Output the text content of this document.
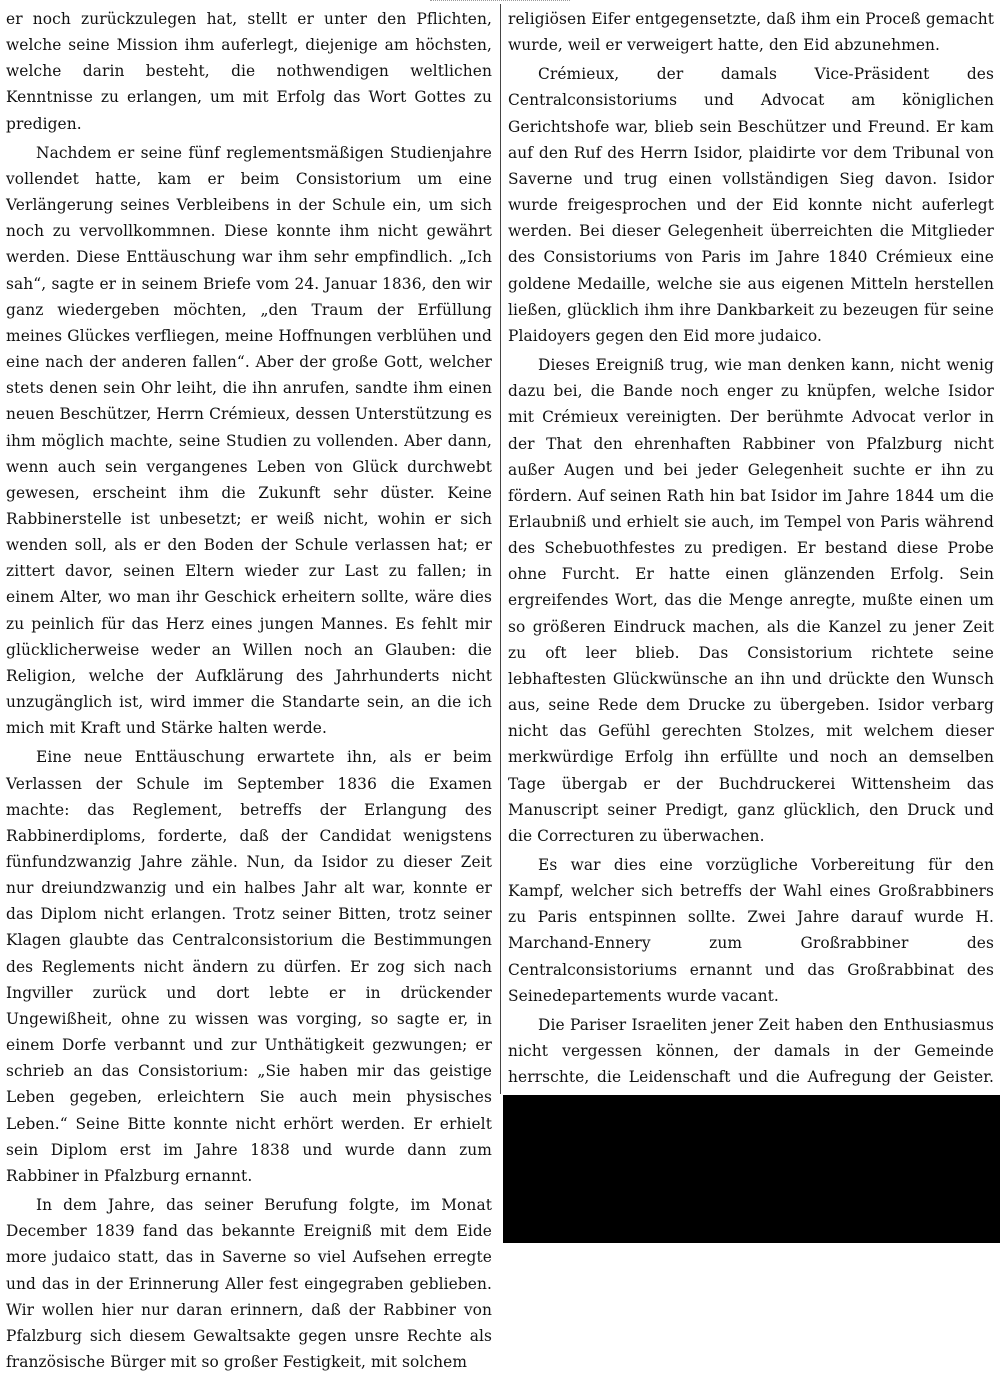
er noch zurückzulegen hat, stellt er unter den Pflichten, welche seine Mission ihm auferlegt, diejenige am höchsten, welche darin besteht, die nothwendigen weltlichen Kenntnisse zu erlangen, um mit Erfolg das Wort Gottes zu predigen.

Nachdem er seine fünf reglementsmäßigen Studienjahre vollendet hatte, kam er beim Consistorium um eine Verlängerung seines Verbleibens in der Schule ein, um sich noch zu vervollkommnen. Diese konnte ihm nicht gewährt werden. Diese Enttäuschung war ihm sehr empfindlich. „Ich sah“, sagte er in seinem Briefe vom 24. Januar 1836, den wir ganz wiedergeben möchten, „den Traum der Erfüllung meines Glückes verfliegen, meine Hoffnungen verblühen und eine nach der anderen fallen“. Aber der große Gott, welcher stets denen sein Ohr leiht, die ihn anrufen, sandte ihm einen neuen Beschützer, Herrn Crémieux, dessen Unterstützung es ihm möglich machte, seine Studien zu vollenden. Aber dann, wenn auch sein vergangenes Leben von Glück durchwebt gewesen, erscheint ihm die Zukunft sehr düster. Keine Rabbinerstelle ist unbesetzt; er weiß nicht, wohin er sich wenden soll, als er den Boden der Schule verlassen hat; er zittert davor, seinen Eltern wieder zur Last zu fallen; in einem Alter, wo man ihr Geschick erheitern sollte, wäre dies zu peinlich für das Herz eines jungen Mannes. Es fehlt mir glücklicherweise weder an Willen noch an Glauben: die Religion, welche der Aufklärung des Jahrhunderts nicht unzugänglich ist, wird immer die Standarte sein, an die ich mich mit Kraft und Stärke halten werde.

Eine neue Enttäuschung erwartete ihn, als er beim Verlassen der Schule im September 1836 die Examen machte: das Reglement, betreffs der Erlangung des Rabbinerdiploms, forderte, daß der Candidat wenigstens fünfundzwanzig Jahre zähle. Nun, da Isidor zu dieser Zeit nur dreiundzwanzig und ein halbes Jahr alt war, konnte er das Diplom nicht erlangen. Trotz seiner Bitten, trotz seiner Klagen glaubte das Centralconsistorium die Bestimmungen des Reglements nicht ändern zu dürfen. Er zog sich nach Ingviller zurück und dort lebte er in drückender Ungewißheit, ohne zu wissen was vorging, so sagte er, in einem Dorfe verbannt und zur Unthätigkeit gezwungen; er schrieb an das Consistorium: „Sie haben mir das geistige Leben gegeben, erleichtern Sie auch mein physisches Leben.“ Seine Bitte konnte nicht erhört werden. Er erhielt sein Diplom erst im Jahre 1838 und wurde dann zum Rabbiner in Pfalzburg ernannt.

In dem Jahre, das seiner Berufung folgte, im Monat December 1839 fand das bekannte Ereigniß mit dem Eide more judaico statt, das in Saverne so viel Aufsehen erregte und das in der Erinnerung Aller fest eingegraben geblieben. Wir wollen hier nur daran erinnern, daß der Rabbiner von Pfalzburg sich diesem Gewaltsakte gegen unsre Rechte als französische Bürger mit so großer Festigkeit, mit solchem

religiösen Eifer entgegensetzte, daß ihm ein Proceß gemacht wurde, weil er verweigert hatte, den Eid abzunehmen.

Crémieux, der damals Vice-Präsident des Centralconsistoriums und Advocat am königlichen Gerichtshofe war, blieb sein Beschützer und Freund. Er kam auf den Ruf des Herrn Isidor, plaidirte vor dem Tribunal von Saverne und trug einen vollständigen Sieg davon. Isidor wurde freigesprochen und der Eid konnte nicht auferlegt werden. Bei dieser Gelegenheit überreichten die Mitglieder des Consistoriums von Paris im Jahre 1840 Crémieux eine goldene Medaille, welche sie aus eigenen Mitteln herstellen ließen, glücklich ihm ihre Dankbarkeit zu bezeugen für seine Plaidoyers gegen den Eid more judaico.

Dieses Ereigniß trug, wie man denken kann, nicht wenig dazu bei, die Bande noch enger zu knüpfen, welche Isidor mit Crémieux vereinigten. Der berühmte Advocat verlor in der That den ehrenhaften Rabbiner von Pfalzburg nicht außer Augen und bei jeder Gelegenheit suchte er ihn zu fördern. Auf seinen Rath hin bat Isidor im Jahre 1844 um die Erlaubniß und erhielt sie auch, im Tempel von Paris während des Schebuothfestes zu predigen. Er bestand diese Probe ohne Furcht. Er hatte einen glänzenden Erfolg. Sein ergreifendes Wort, das die Menge anregte, mußte einen um so größeren Eindruck machen, als die Kanzel zu jener Zeit zu oft leer blieb. Das Consistorium richtete seine lebhaftesten Glückwünsche an ihn und drückte den Wunsch aus, seine Rede dem Drucke zu übergeben. Isidor verbarg nicht das Gefühl gerechten Stolzes, mit welchem dieser merkwürdige Erfolg ihn erfüllte und noch an demselben Tage übergab er der Buchdruckerei Wittensheim das Manuscript seiner Predigt, ganz glücklich, den Druck und die Correcturen zu überwachen.

Es war dies eine vorzügliche Vorbereitung für den Kampf, welcher sich betreffs der Wahl eines Großrabbiners zu Paris entspinnen sollte. Zwei Jahre darauf wurde H. Marchand-Ennery zum Großrabbiner des Centralconsistoriums ernannt und das Großrabbinat des Seinedepartements wurde vacant.

Die Pariser Israeliten jener Zeit haben den Enthusiasmus nicht vergessen können, der damals in der Gemeinde herrschte, die Leidenschaft und die Aufregung der Geister.
